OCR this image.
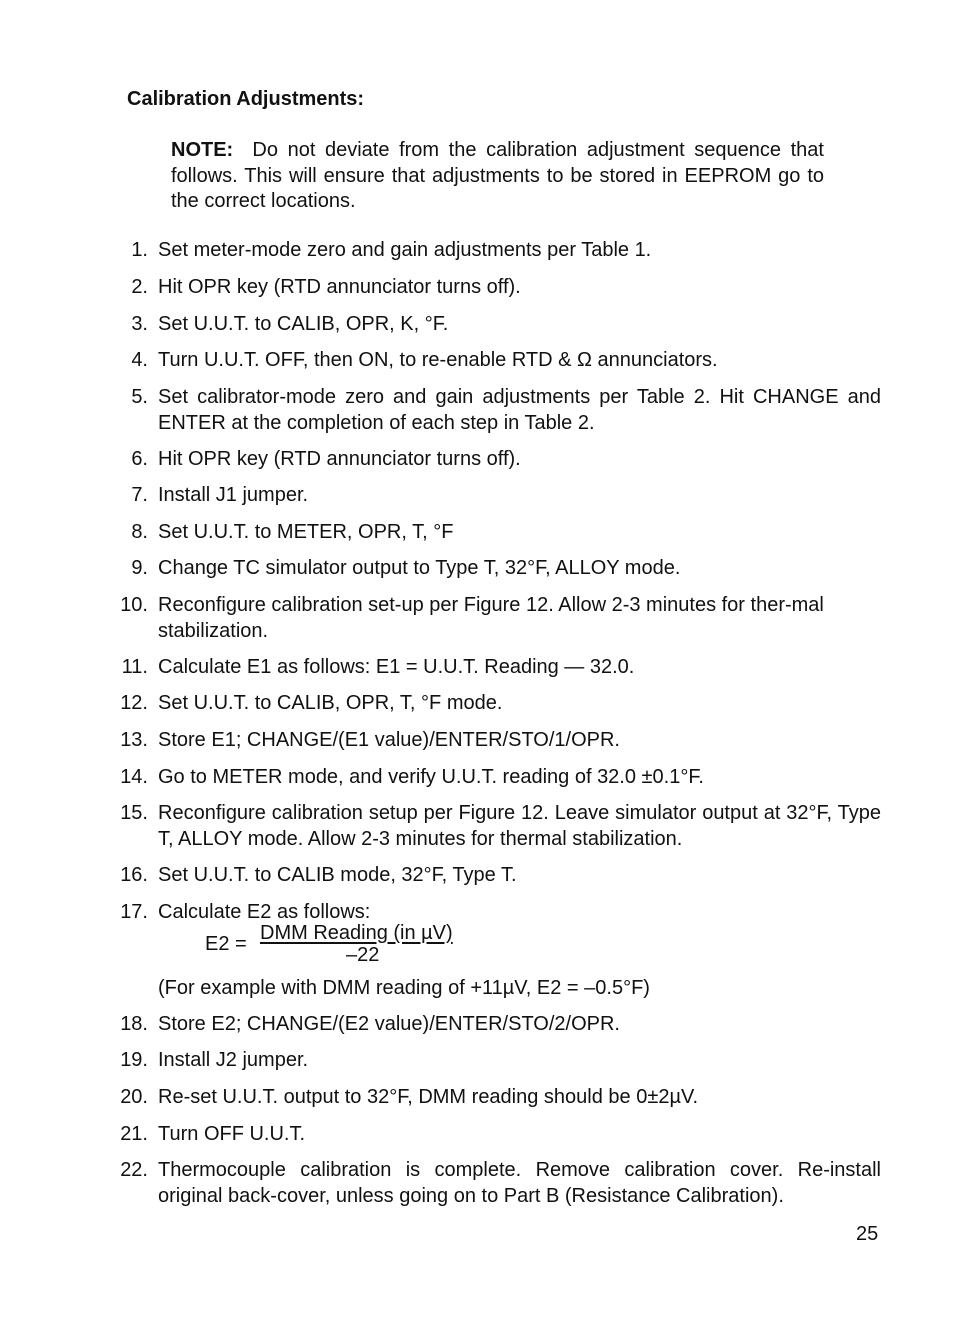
Calibration Adjustments:
NOTE: Do not deviate from the calibration adjustment sequence that follows. This will ensure that adjustments to be stored in EEPROM go to the correct locations.
1. Set meter-mode zero and gain adjustments per Table 1.
2. Hit OPR key (RTD annunciator turns off).
3. Set U.U.T. to CALIB, OPR, K, °F.
4. Turn U.U.T. OFF, then ON, to re-enable RTD & Ω annunciators.
5. Set calibrator-mode zero and gain adjustments per Table 2. Hit CHANGE and ENTER at the completion of each step in Table 2.
6. Hit OPR key (RTD annunciator turns off).
7. Install J1 jumper.
8. Set U.U.T. to METER, OPR, T, °F
9. Change TC simulator output to Type T, 32°F, ALLOY mode.
10. Reconfigure calibration set-up per Figure 12. Allow 2-3 minutes for ther-mal stabilization.
11. Calculate E1 as follows: E1 = U.U.T. Reading — 32.0.
12. Set U.U.T. to CALIB, OPR, T, °F mode.
13. Store E1; CHANGE/(E1 value)/ENTER/STO/1/OPR.
14. Go to METER mode, and verify U.U.T. reading of 32.0 ±0.1°F.
15. Reconfigure calibration setup per Figure 12. Leave simulator output at 32°F, Type T, ALLOY mode. Allow 2-3 minutes for thermal stabilization.
16. Set U.U.T. to CALIB mode, 32°F, Type T.
17. Calculate E2 as follows:
E2 = DMM Reading (in µV)
–22
(For example with DMM reading of +11µV, E2 = –0.5°F)
18. Store E2; CHANGE/(E2 value)/ENTER/STO/2/OPR.
19. Install J2 jumper.
20. Re-set U.U.T. output to 32°F, DMM reading should be 0±2µV.
21. Turn OFF U.U.T.
22. Thermocouple calibration is complete. Remove calibration cover. Re-install original back-cover, unless going on to Part B (Resistance Calibration).
25
